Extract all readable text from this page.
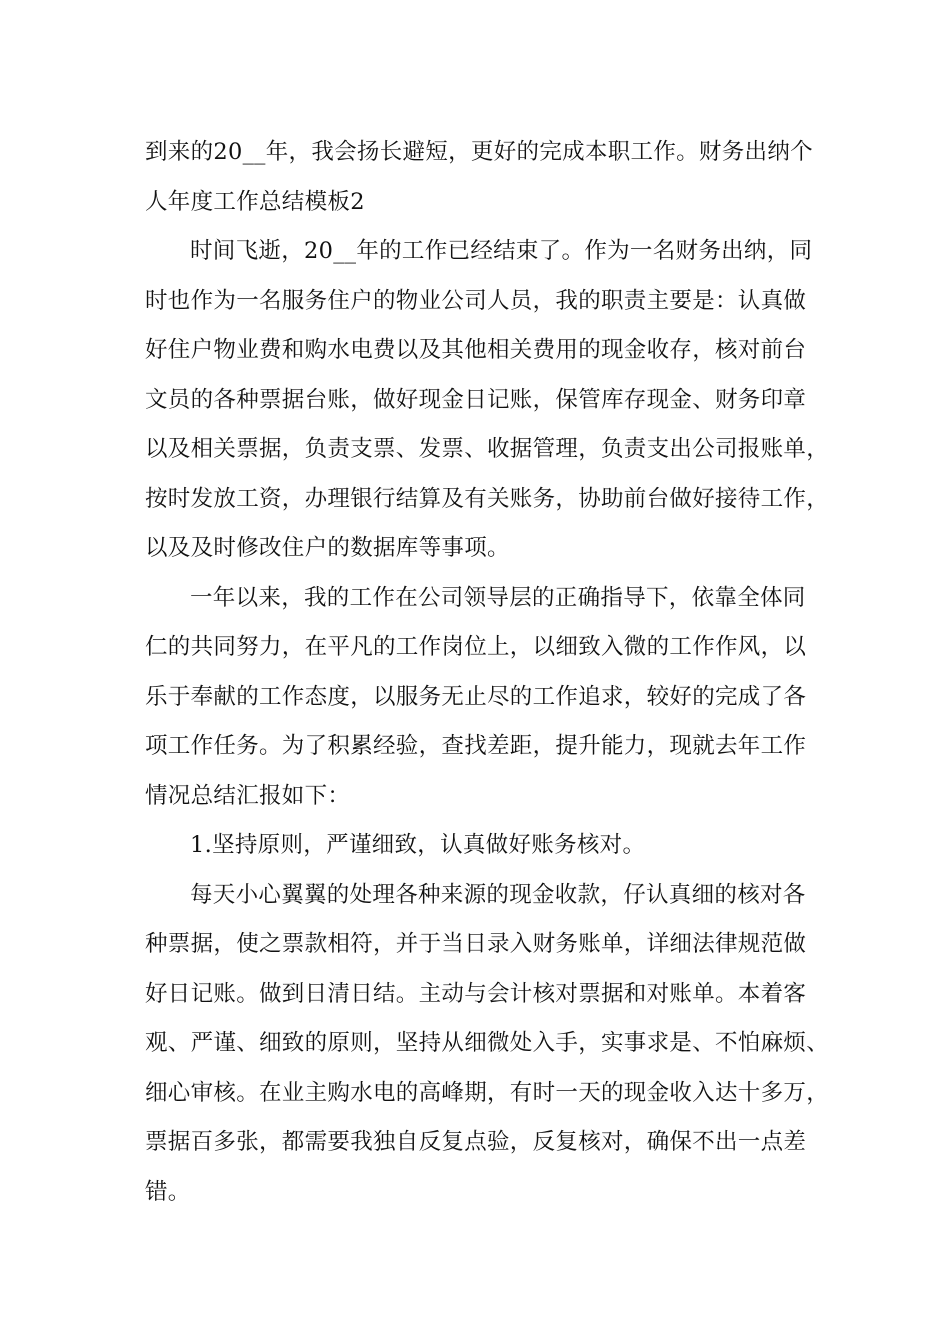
到来的20__年，我会扬长避短，更好的完成本职工作。财务出纳个
人年度工作总结模板2
时间飞逝，20__年的工作已经结束了。作为一名财务出纳，同
时也作为一名服务住户的物业公司人员，我的职责主要是：认真做
好住户物业费和购水电费以及其他相关费用的现金收存，核对前台
文员的各种票据台账，做好现金日记账，保管库存现金、财务印章
以及相关票据，负责支票、发票、收据管理，负责支出公司报账单，
按时发放工资，办理银行结算及有关账务，协助前台做好接待工作，
以及及时修改住户的数据库等事项。
一年以来，我的工作在公司领导层的正确指导下，依靠全体同
仁的共同努力，在平凡的工作岗位上，以细致入微的工作作风，以
乐于奉献的工作态度，以服务无止尽的工作追求，较好的完成了各
项工作任务。为了积累经验，查找差距，提升能力，现就去年工作
情况总结汇报如下：
1.坚持原则，严谨细致，认真做好账务核对。
每天小心翼翼的处理各种来源的现金收款，仔认真细的核对各
种票据，使之票款相符，并于当日录入财务账单，详细法律规范做
好日记账。做到日清日结。主动与会计核对票据和对账单。本着客
观、严谨、细致的原则，坚持从细微处入手，实事求是、不怕麻烦、
细心审核。在业主购水电的高峰期，有时一天的现金收入达十多万，
票据百多张，都需要我独自反复点验，反复核对，确保不出一点差
错。
